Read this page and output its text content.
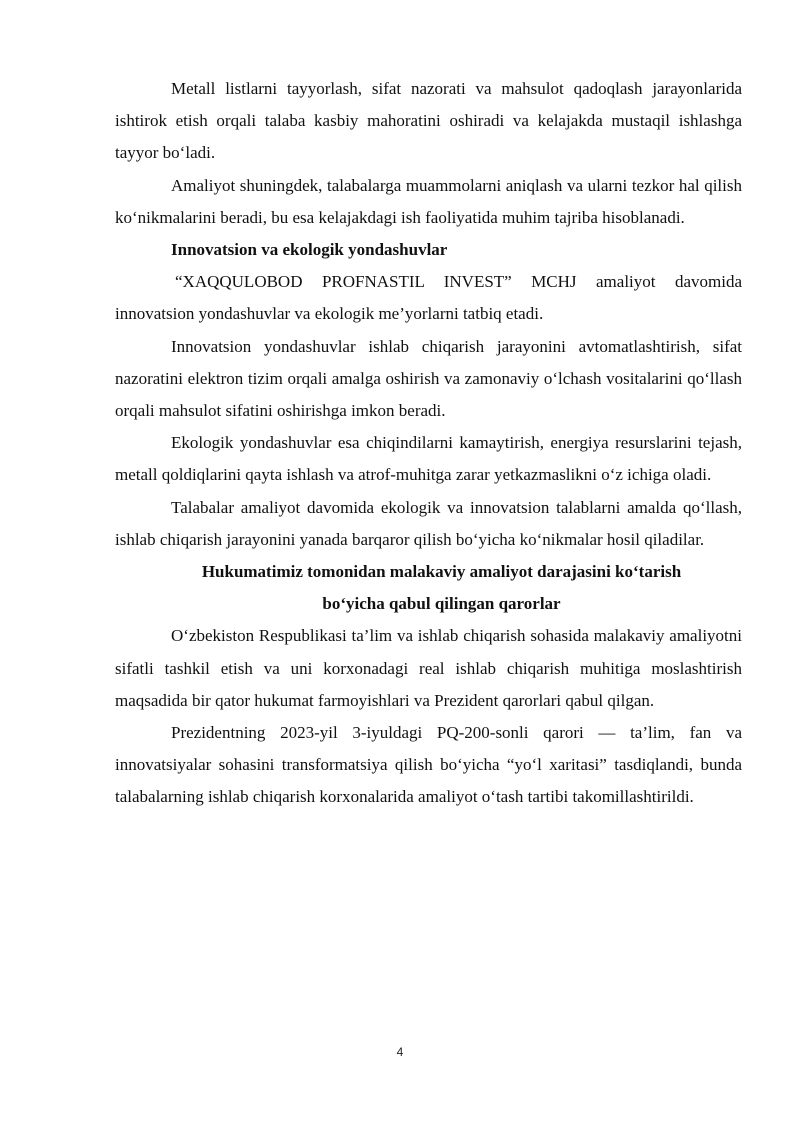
Metall listlarni tayyorlash, sifat nazorati va mahsulot qadoqlash jarayonlarida ishtirok etish orqali talaba kasbiy mahoratini oshiradi va kelajakda mustaqil ishlashga tayyor bo‘ladi.

Amaliyot shuningdek, talabalarga muammolarni aniqlash va ularni tezkor hal qilish ko‘nikmalarini beradi, bu esa kelajakdagi ish faoliyatida muhim tajriba hisoblanadi.

Innovatsion va ekologik yondashuvlar

“XAQQULOBOD PROFNASTIL INVEST” MCHJ amaliyot davomida innovatsion yondashuvlar va ekologik me’yorlarni tatbiq etadi.

Innovatsion yondashuvlar ishlab chiqarish jarayonini avtomatlashtirish, sifat nazoratini elektron tizim orqali amalga oshirish va zamonaviy o‘lchash vositalarini qo‘llash orqali mahsulot sifatini oshirishga imkon beradi.

Ekologik yondashuvlar esa chiqindilarni kamaytirish, energiya resurslarini tejash, metall qoldiqlarini qayta ishlash va atrof-muhitga zarar yetkazmaslikni o‘z ichiga oladi.

Talabalar amaliyot davomida ekologik va innovatsion talablarni amalda qo‘llash, ishlab chiqarish jarayonini yanada barqaror qilish bo‘yicha ko‘nikmalar hosil qiladilar.

Hukumatimiz tomonidan malakaviy amaliyot darajasini ko‘tarish
bo‘yicha qabul qilingan qarorlar

O‘zbekiston Respublikasi ta’lim va ishlab chiqarish sohasida malakaviy amaliyotni sifatli tashkil etish va uni korxonadagi real ishlab chiqarish muhitiga moslashtirish maqsadida bir qator hukumat farmoyishlari va Prezident qarorlari qabul qilgan.

Prezidentning 2023-yil 3-iyuldagi PQ-200-sonli qarori — ta’lim, fan va innovatsiyalar sohasini transformatsiya qilish bo‘yicha “yo‘l xaritasi” tasdiqlandi, bunda talabalarning ishlab chiqarish korxonalarida amaliyot o‘tash tartibi takomillashtirildi.

4
